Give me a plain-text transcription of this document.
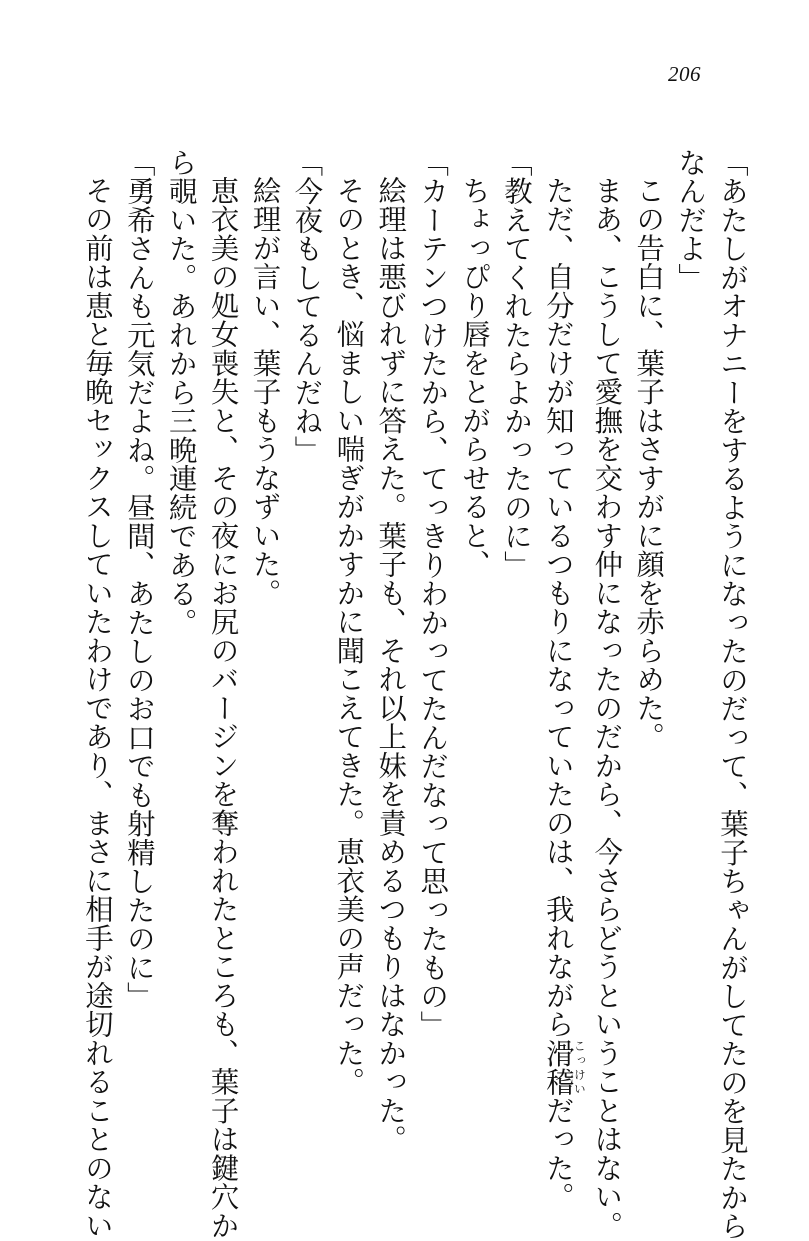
206
「あたしがオナニーをするようになったのだって、葉子ちゃんがしてたのを見たから
なんだよ」
この告白に、葉子はさすがに顔を赤らめた。
まあ、こうして愛撫を交わす仲になったのだから、今さらどうということはない。
ただ、自分だけが知っているつもりになっていたのは、我れながら滑稽こっけいだった。
「教えてくれたらよかったのに」
ちょっぴり唇をとがらせると、
「カーテンつけたから、てっきりわかってたんだなって思ったもの」
絵理は悪びれずに答えた。葉子も、それ以上妹を責めるつもりはなかった。
そのとき、悩ましい喘ぎがかすかに聞こえてきた。恵衣美の声だった。
「今夜もしてるんだね」
絵理が言い、葉子もうなずいた。
恵衣美の処女喪失と、その夜にお尻のバージンを奪われたところも、葉子は鍵穴か
ら覗いた。あれから三晩連続である。
「勇希さんも元気だよね。昼間、あたしのお口でも射精したのに」
その前は恵と毎晩セックスしていたわけであり、まさに相手が途切れることのない
